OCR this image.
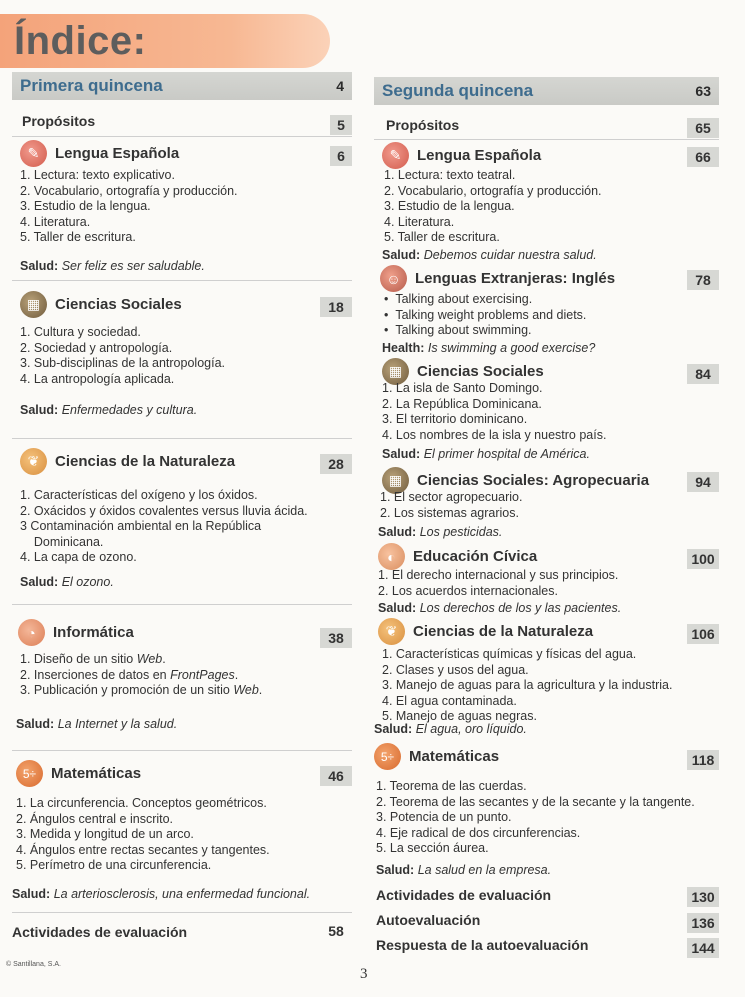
Índice:
Primera quincena	4
Propósitos	5
✎	Lengua Española	6
1. Lectura: texto explicativo.
2. Vocabulario, ortografía y producción.
3. Estudio de la lengua.
4. Literatura.
5. Taller de escritura.
Salud: Ser feliz es ser saludable.
▦ Ciencias Sociales	18
1. Cultura y sociedad.
2. Sociedad y antropología.
3. Sub-disciplinas de la antropología.
4. La antropología aplicada.
Salud: Enfermedades y cultura.
❦	Ciencias de la Naturaleza	28
1. Características del oxígeno y los óxidos.
2. Oxácidos y óxidos covalentes versus lluvia ácida.
3 Contaminación ambiental en la República
Dominicana.
4. La capa de ozono.
Salud: El ozono.
◔	Informática	38
1. Diseño de un sitio Web.
2. Inserciones de datos en FrontPages.
3. Publicación y promoción de un sitio Web.
Salud: La Internet y la salud.
5÷ Matemáticas	46
1. La circunferencia. Conceptos geométricos.
2. Ángulos central e inscrito.
3. Medida y longitud de un arco.
4. Ángulos entre rectas secantes y tangentes.
5. Perímetro de una circunferencia.
Salud: La arteriosclerosis, una enfermedad funcional.
Actividades de evaluación	58
Segunda quincena	63
Propósitos	65
✎	Lengua Española	66
1. Lectura: texto teatral.
2. Vocabulario, ortografía y producción.
3. Estudio de la lengua.
4. Literatura.
5. Taller de escritura.
Salud: Debemos cuidar nuestra salud.
☺ Lenguas Extranjeras: Inglés	78
•  Talking about exercising.
•  Talking weight problems and diets.
•  Talking about swimming.
Health: Is swimming a good exercise?
▦ Ciencias Sociales	84
1. La isla de Santo Domingo.
2. La República Dominicana.
3. El territorio dominicano.
4. Los nombres de la isla y nuestro país.
Salud: El primer hospital de América.
▦ Ciencias Sociales: Agropecuaria	94
1. El sector agropecuario.
2. Los sistemas agrarios.
Salud: Los pesticidas.
◐	Educación Cívica	100
1. El derecho internacional y sus principios.
2. Los acuerdos internacionales.
Salud: Los derechos de los y las pacientes.
❦	Ciencias de la Naturaleza	106
1. Características químicas y físicas del agua.
2. Clases y usos del agua.
3. Manejo de aguas para la agricultura y la industria.
4. El agua contaminada.
5. Manejo de aguas negras.
Salud: El agua, oro líquido.
5÷ Matemáticas	118
1. Teorema de las cuerdas.
2. Teorema de las secantes y de la secante y la tangente.
3. Potencia de un punto.
4. Eje radical de dos circunferencias.
5. La sección áurea.
Salud: La salud en la empresa.
Actividades de evaluación	130
Autoevaluación	136
Respuesta de la autoevaluación	144
© Santillana, S.A.
3
